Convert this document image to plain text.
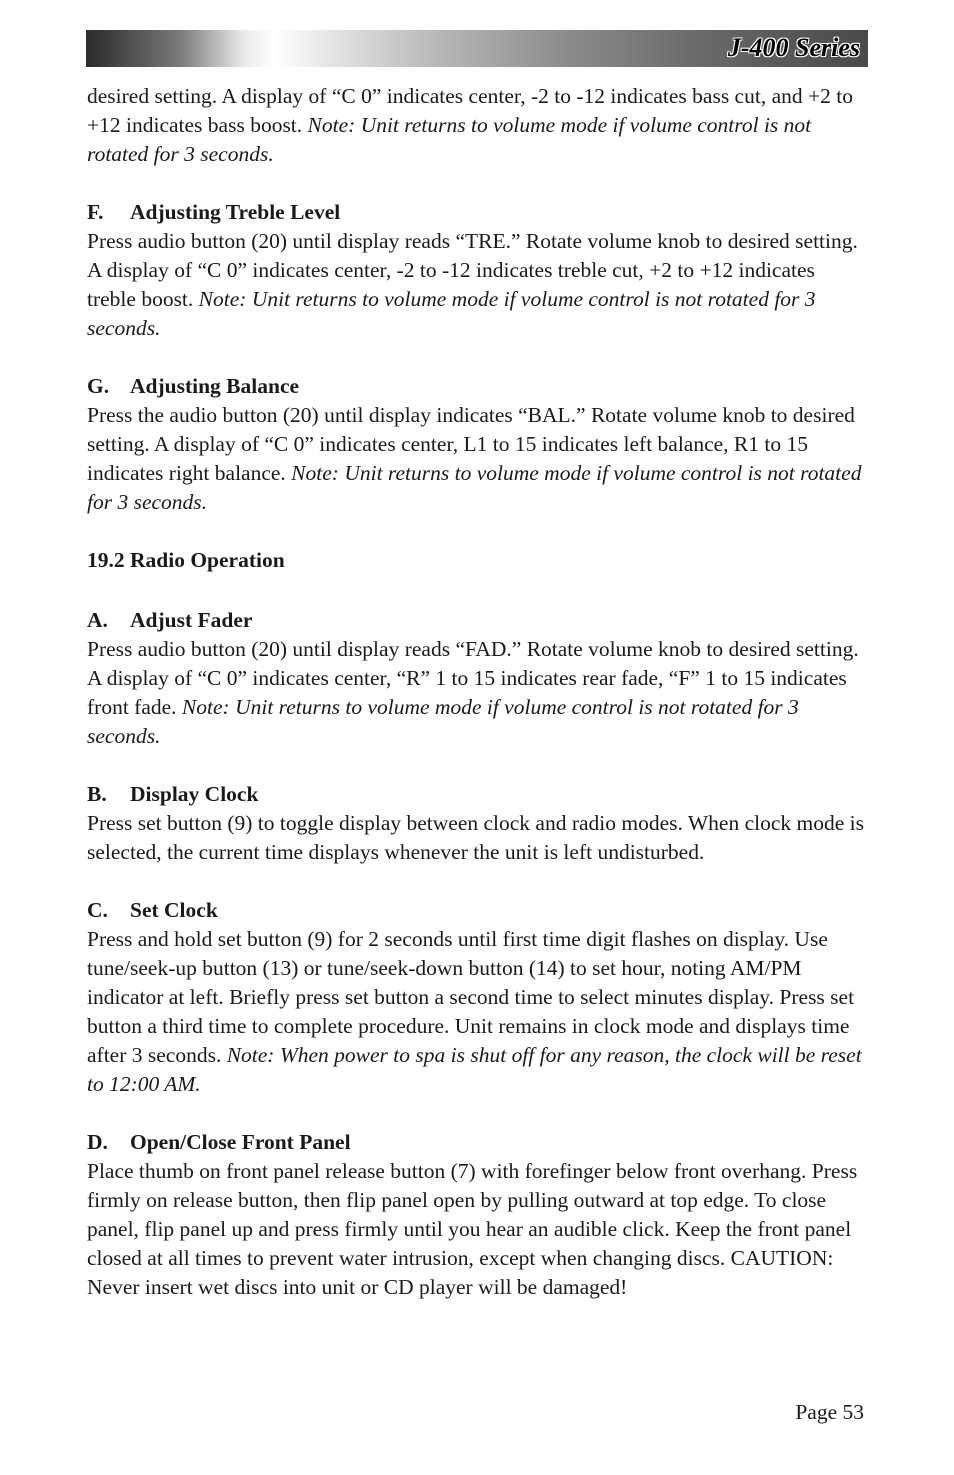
J-400 Series

desired setting. A display of “C 0” indicates center, -2 to -12 indicates bass cut, and +2 to +12 indicates bass boost. Note: Unit returns to volume mode if volume control is not rotated for 3 seconds.

F. Adjusting Treble Level

Press audio button (20) until display reads “TRE.” Rotate volume knob to desired setting. A display of “C 0” indicates center, -2 to -12 indicates treble cut, +2 to +12 indicates treble boost. Note: Unit returns to volume mode if volume control is not rotated for 3 seconds.

G. Adjusting Balance

Press the audio button (20) until display indicates “BAL.” Rotate volume knob to desired setting. A display of “C 0” indicates center, L1 to 15 indicates left balance, R1 to 15 indicates right balance. Note: Unit returns to volume mode if volume control is not rotated for 3 seconds.

19.2 Radio Operation

A. Adjust Fader

Press audio button (20) until display reads “FAD.” Rotate volume knob to desired setting. A display of “C 0” indicates center, “R” 1 to 15 indicates rear fade, “F” 1 to 15 indicates front fade. Note: Unit returns to volume mode if volume control is not rotated for 3 seconds.

B. Display Clock

Press set button (9) to toggle display between clock and radio modes. When clock mode is selected, the current time displays whenever the unit is left undisturbed.

C. Set Clock

Press and hold set button (9) for 2 seconds until first time digit flashes on display. Use tune/seek-up button (13) or tune/seek-down button (14) to set hour, noting AM/PM indicator at left. Briefly press set button a second time to select minutes display. Press set button a third time to complete procedure. Unit remains in clock mode and displays time after 3 seconds. Note: When power to spa is shut off for any reason, the clock will be reset to 12:00 AM.

D. Open/Close Front Panel

Place thumb on front panel release button (7) with forefinger below front overhang. Press firmly on release button, then flip panel open by pulling outward at top edge. To close panel, flip panel up and press firmly until you hear an audible click. Keep the front panel closed at all times to prevent water intrusion, except when changing discs. CAUTION: Never insert wet discs into unit or CD player will be damaged!

Page 53
